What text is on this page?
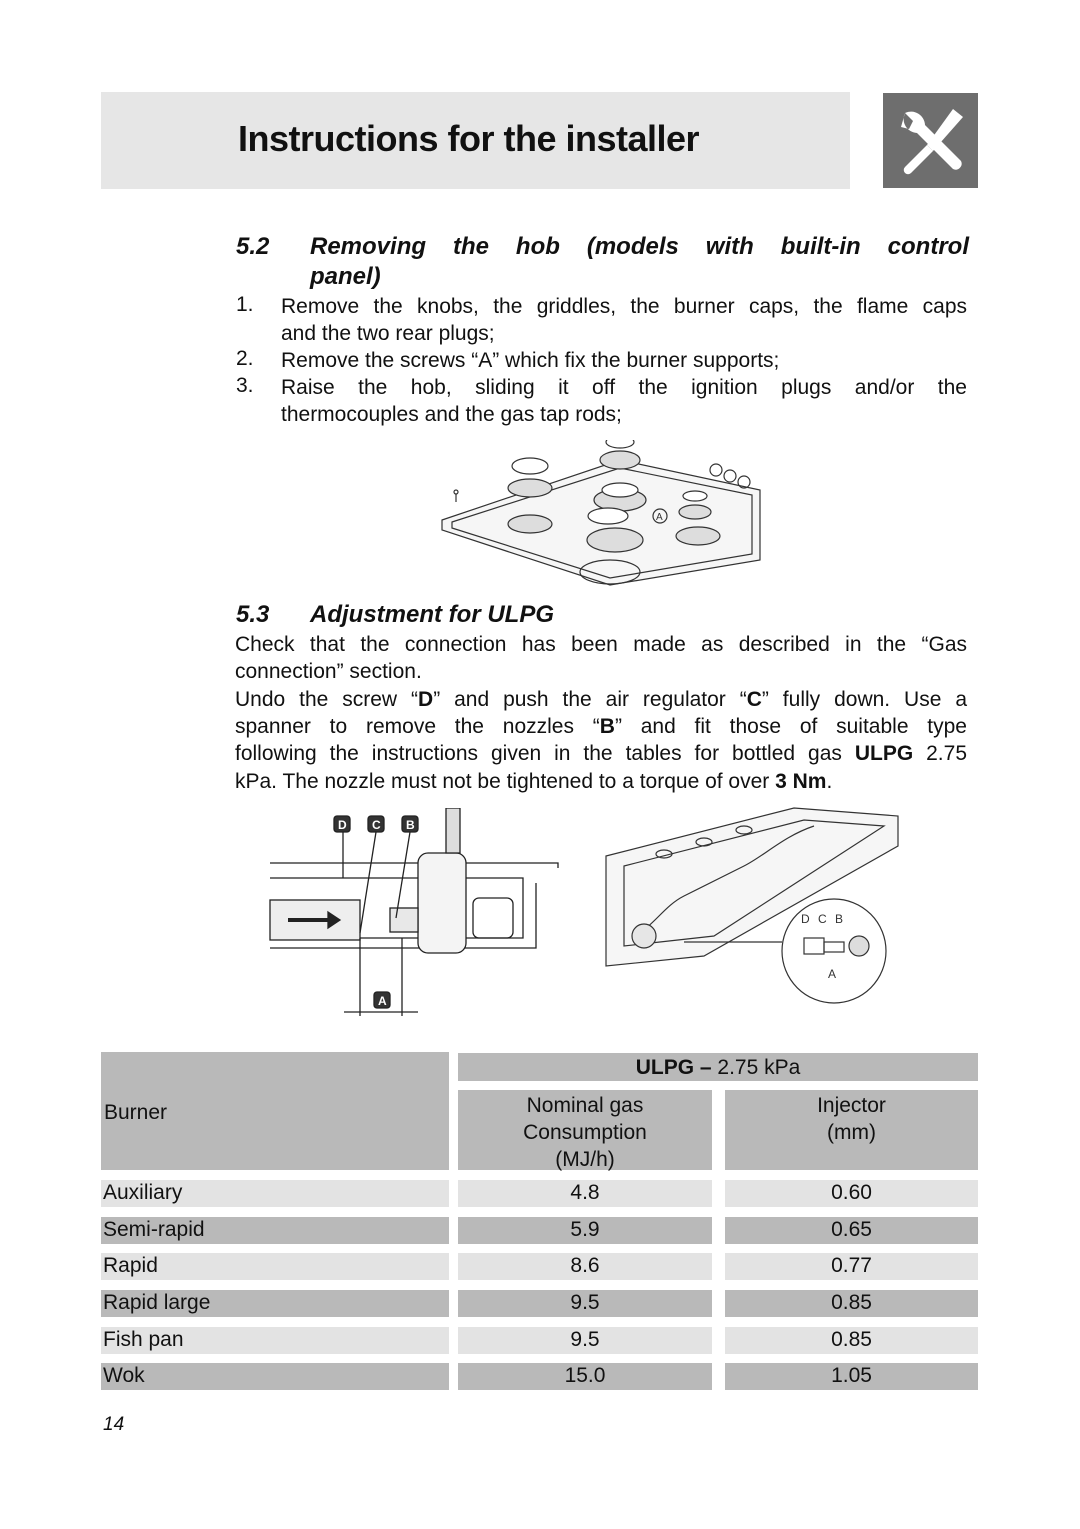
Instructions for the installer
5.2 Removing the hob (models with built-in control
panel)
1. Remove the knobs, the griddles, the burner caps, the flame caps
and the two rear plugs;
2. Remove the screws “A” which fix the burner supports;
3. Raise the hob, sliding it off the ignition plugs and/or the
thermocouples and the gas tap rods;
A
5.3 Adjustment for ULPG
Check that the connection has been made as described in the “Gas
connection” section.
Undo the screw “D” and push the air regulator “C” fully down. Use a
spanner to remove the nozzles “B” and fit those of suitable type
following the instructions given in the tables for bottled gas ULPG 2.75
kPa. The nozzle must not be tightened to a torque of over 3 Nm.
D C B
A
D C B
A
Burner
ULPG – 2.75 kPa
Nominal gas
Consumption
(MJ/h)
Injector
(mm)
Auxiliary	4.8	0.60
Semi-rapid	5.9	0.65
Rapid	8.6	0.77
Rapid large	9.5	0.85
Fish pan	9.5	0.85
Wok	15.0	1.05
14
